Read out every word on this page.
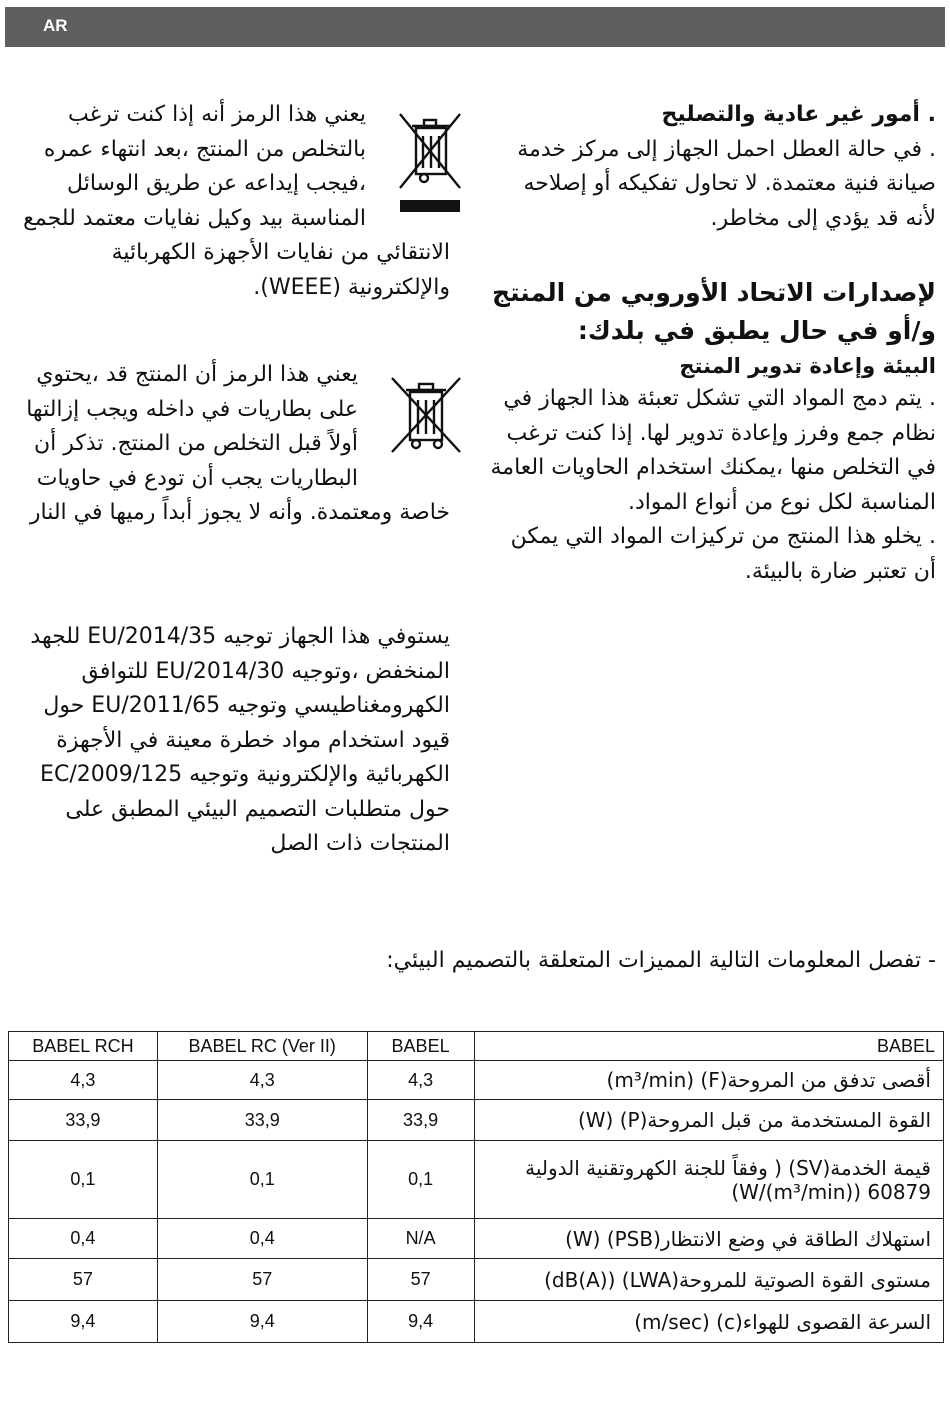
AR

. أمور غير عادية والتصليح

. في حالة العطل احمل الجهاز إلى مركز خدمة صيانة فنية معتمدة. لا تحاول تفكيكه أو إصلاحه لأنه قد يؤدي إلى مخاطر.

لإصدارات الاتحاد الأوروبي من المنتج و/أو في حال يطبق في بلدك:

البيئة وإعادة تدوير المنتج

. يتم دمج المواد التي تشكل تعبئة هذا الجهاز في نظام جمع وفرز وإعادة تدوير لها. إذا كنت ترغب في التخلص منها ،يمكنك استخدام الحاويات العامة المناسبة لكل نوع من أنواع المواد.

. يخلو هذا المنتج من تركيزات المواد التي يمكن أن تعتبر ضارة بالبيئة.

يعني هذا الرمز أنه إذا كنت ترغب بالتخلص من المنتج ،بعد انتهاء عمره ،فيجب إيداعه عن طريق الوسائل المناسبة بيد وكيل نفايات معتمد للجمع الانتقائي من نفايات الأجهزة الكهربائية والإلكترونية (WEEE).

يعني هذا الرمز أن المنتج قد ،يحتوي على بطاريات في داخله ويجب إزالتها أولاً قبل التخلص من المنتج. تذكر أن البطاريات يجب أن تودع في حاويات خاصة ومعتمدة. وأنه لا يجوز أبداً رميها في النار

يستوفي هذا الجهاز توجيه 2014/35/EU للجهد المنخفض ،وتوجيه 2014/30/EU للتوافق الكهرومغناطيسي وتوجيه 2011/65/EU حول قيود استخدام مواد خطرة معينة في الأجهزة الكهربائية والإلكترونية وتوجيه 2009/125/EC حول متطلبات التصميم البيئي المطبق على المنتجات ذات الصل

- تفصل المعلومات التالية المميزات المتعلقة بالتصميم البيئي:
BABEL RCH	BABEL RC (Ver II)	BABEL	BABEL
4,3	4,3	4,3	أقصى تدفق من المروحة(F) (m³/min)
33,9	33,9	33,9	القوة المستخدمة من قبل المروحة(P) (W)
0,1	0,1	0,1	قيمة الخدمة(SV) ( وفقاً للجنة الكهروتقنية الدولية 60879 ((m³/min)/W)
0,4	0,4	N/A	استهلاك الطاقة في وضع الانتظار(PSB) (W)
57	57	57	مستوى القوة الصوتية للمروحة(LWA) (dB(A))
9,4	9,4	9,4	السرعة القصوى للهواء(c) (m/sec)
